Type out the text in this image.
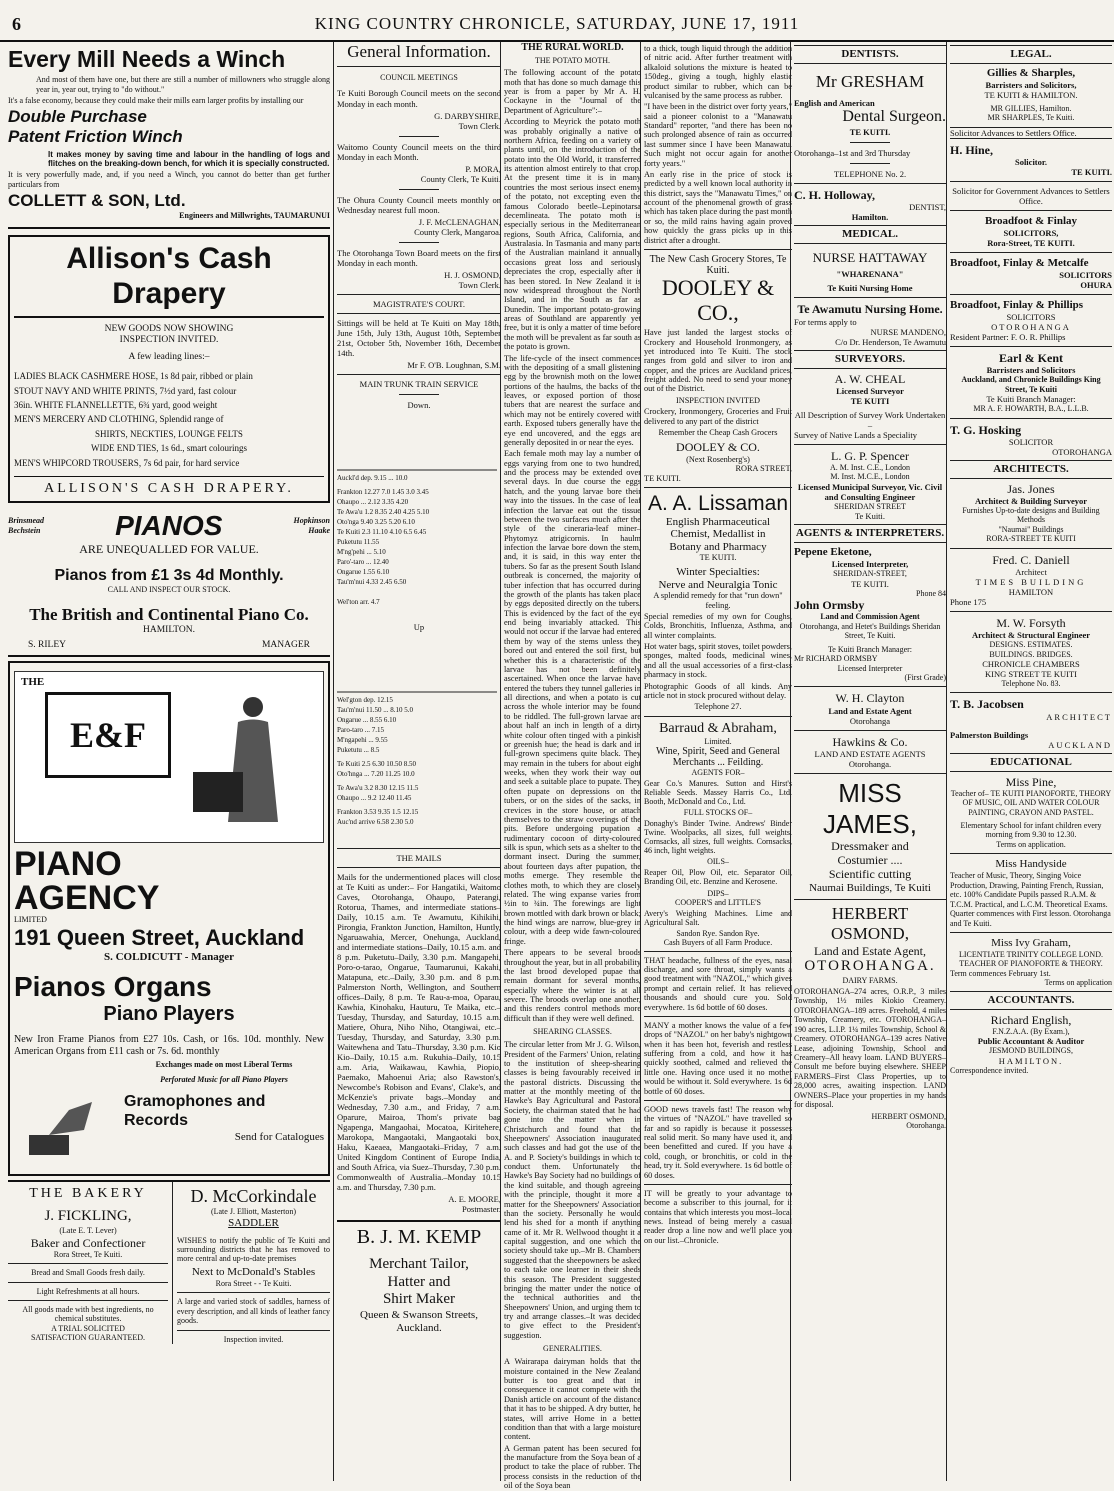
6	KING COUNTRY CHRONICLE, SATURDAY, JUNE 17, 1911
Every Mill Needs a Winch

And most of them have one, but there are still a number of millowners who struggle along year in, year out, trying to "do without."

It's a false economy, because they could make their mills earn larger profits by installing our

Double Purchase
Patent Friction Winch

It makes money by saving time and labour in the handling of logs and flitches on the breaking-down bench, for which it is specially constructed.

It is very powerfully made, and, if you need a Winch, you cannot do better than get further particulars from

COLLETT & SON, Ltd.
Engineers and Millwrights, TAUMARUNUI
Allison's Cash Drapery
NEW GOODS NOW SHOWING
INSPECTION INVITED.
A few leading lines:–
LADIES BLACK CASHMERE HOSE, 1s 8d pair, ribbed or plain
STOUT NAVY AND WHITE PRINTS, 7½d yard, fast colour
36in. WHITE FLANNELLETTE, 6¾ yard, good weight
MEN'S MERCERY AND CLOTHING, Splendid range of
SHIRTS, NECKTIES, LOUNGE FELTS
WIDE END TIES, 1s 6d., smart colourings
MEN'S WHIPCORD TROUSERS, 7s 6d pair, for hard service
ALLISON'S CASH DRAPERY.
Brinsmead
Bechstein	PIANOS	Hopkinson
Haake
ARE UNEQUALLED FOR VALUE.
Pianos from £1 3s 4d Monthly.
CALL AND INSPECT OUR STOCK.
The British and Continental Piano Co.
HAMILTON.
S. RILEY	MANAGER
THE
E&F
PIANO
AGENCY
LIMITED
191 Queen Street, Auckland
S. COLDICUTT - Manager
Pianos Organs
Piano Players

New Iron Frame Pianos from £27 10s. Cash, or 16s. 10d. monthly. New American Organs from £11 cash or 7s. 6d. monthly

Exchanges made on most Liberal Terms
Perforated Music for all Piano Players
Gramophones and Records
Send for Catalogues
THE BAKERY
J. FICKLING,
(Late E. T. Lever)
Baker and Confectioner
Rora Street, Te Kuiti.
Bread and Small Goods fresh daily.
Light Refreshments at all hours.
All goods made with best ingredients, no chemical substitutes.
A TRIAL SOLICITED
SATISFACTION GUARANTEED.
D. McCorkindale
(Late J. Elliott, Masterton)
SADDLER

WISHES to notify the public of Te Kuiti and surrounding districts that he has removed to more central and up-to-date premises

Next to McDonald's Stables
Rora Street - - Te Kuiti.

A large and varied stock of saddles, harness of every description, and all kinds of leather fancy goods.

Inspection invited.
General Information.
COUNCIL MEETINGS

Te Kuiti Borough Council meets on the second Monday in each month.

G. DARBYSHIRE,
Town Clerk.

Waitomo County Council meets on the third Monday in each Month.

P. MORA,
County Clerk, Te Kuiti.

The Ohura County Council meets monthly on Wednesday nearest full moon.

J. F. McCLENAGHAN,
County Clerk, Mangaroa.

The Otorohanga Town Board meets on the first Monday in each month.

H. J. OSMOND,
Town Clerk.
MAGISTRATE'S COURT.

Sittings will be held at Te Kuiti on May 18th, June 15th, July 13th, August 10th, September 21st, October 5th, November 16th, December 14th.

Mr F. O'B. Loughnan, S.M.
MAIN TRUNK TRAIN SERVICE
Down.
Auckl'd dep. 9.15 ... 10.0
Frankton 12.27 7.0 1.45 3.0 3.45
Ohaupo ... 2.12 3.35 4.20
Te Awa'u 1.2 8.35 2.40 4.25 5.10
Oto'nga 9.40 3.25 5.20 6.10
Te Kuiti 2.3 11.10 4.10 6.5 6.45
Puketutu 11.55
M'ng'pehi ... 5.10
Paro'-taro ... 12.40
Ongarue 1.55 6.10
Tau'm'nui 4.33 2.45 6.50
Wel'ton arr. 4.7
Up
Wel'gton dep. 12.15
Tau'm'nui 11.50 ... 8.10 5.0
Ongarue ... 8.55 6.10
Paro-taro ... 7.15
M'ngapehi ... 9.55
Puketutu ... 8.5
Te Kuiti 2.5 6.30 10.50 8.50
Oto'hnga ... 7.20 11.25 10.0
Te Awa'u 3.2 8.30 12.15 11.5
Ohaupo ... 9.2 12.40 11.45
Frankton 3.53 9.35 1.5 12.15
Auc'nd arrive 6.58 2.30 5.0
THE MAILS

Mails for the undermentioned places will close at Te Kuiti as under:– For Hangatiki, Waitomo Caves, Otorohanga, Ohaupo, Paterangi, Rotorua, Thames, and intermediate stations–Daily, 10.15 a.m. Te Awamutu, Kihikihi, Pirongia, Frankton Junction, Hamilton, Huntly, Ngaruawahia, Mercer, Onehunga, Auckland, and intermediate stations–Daily, 10.15 a.m. and 8 p.m. Puketutu–Daily, 3.30 p.m. Mangapehi, Poro-o-tarao, Ongarue, Taumarunui, Kakahi, Matapuna, etc.–Daily, 3.30 p.m. and 8 p.m. Palmerston North, Wellington, and Southern offices–Daily, 8 p.m. Te Rau-a-moa, Oparau, Kawhia, Kinohaku, Hauturu, Te Maika, etc.–Tuesday, Thursday, and Saturday, 10.15 a.m. Matiere, Ohura, Niho Niho, Otangiwai, etc.–Tuesday, Thursday, and Saturday, 3.30 p.m. Waitewhena and Tatu–Thursday, 3.30 p.m. Kio Kio–Daily, 10.15 a.m. Rukuhia–Daily, 10.15 a.m. Aria, Waikawau, Kawhia, Piopio, Paemako, Mahoenui Aria; also Rawston's, Newcombe's Robison and Evans', Clake's, and McKenzie's private bags.–Monday and Wednesday, 7.30 a.m., and Friday, 7 a.m. Oparure, Mairoa, Thom's private bag Ngapenga, Mangaohai, Mocatoa, Kiritehere, Marokopa, Mangaotaki, Mangaotaki box, Haku, Kaeaea, Mangaotaki–Friday, 7 a.m. United Kingdom Continent of Europe India, and South Africa, via Suez–Thursday, 7.30 p.m. Commonwealth of Australia.–Monday 10.15 a.m. and Thursday, 7.30 p.m.

A. E. MOORE,
Postmaster.
B. J. M. KEMP
Merchant Tailor,
Hatter and
Shirt Maker
Queen & Swanson Streets,
Auckland.
THE RURAL WORLD.
THE POTATO MOTH.

The following account of the potato moth that has done so much damage this year is from a paper by Mr A. H. Cockayne in the "Journal of the Department of Agriculture":–

According to Meyrick the potato moth was probably originally a native of northern Africa, feeding on a variety of plants until, on the introduction of the potato into the Old World, it transferred its attention almost entirely to that crop. At the present time it is in many countries the most serious insect enemy of the potato, not excepting even the famous Colorado beetle–Lepinotarsa decemlineata. The potato moth is especially serious in the Mediterranean regions, South Africa, California, and Australasia. In Tasmania and many parts of the Australian mainland it annually occasions great loss and seriously depreciates the crop, especially after it has been stored. In New Zealand it is now widespread throughout the North Island, and in the South as far as Dunedin. The important potato-growing areas of Southland are apparently yet free, but it is only a matter of time before the moth will be prevalent as far south as the potato is grown.

The life-cycle of the insect commences with the depositing of a small glistening egg by the brownish moth on the lower portions of the haulms, the backs of the leaves, or exposed portion of those tubers that are nearest the surface and which may not be entirely covered with earth. Exposed tubers generally have the eye end uncovered, and the eggs are generally deposited in or near the eyes.

Each female moth may lay a number of eggs varying from one to two hundred, and the process may be extended over several days. In due course the eggs hatch, and the young larvae bore their way into the tissues. In the case of leaf infection the larvae eat out the tissue between the two surfaces much after the style of the cineraria-leaf miner–Phytomyz atrigicornis. In haulm infection the larvae bore down the stem, and, it is said, in this way enter the tubers. So far as the present South Island outbreak is concerned, the majority of tuber infection that has occurred during the growth of the plants has taken place by eggs deposited directly on the tubers. This is evidenced by the fact of the eye end being invariably attacked. This would not occur if the larvae had entered them by way of the stems unless they bored out and entered the soil first, but whether this is a characteristic of the larvae has not been definitely ascertained. When once the larvae have entered the tubers they tunnel galleries in all directions, and when a potato is cut across the whole interior may be found to be riddled. The full-grown larvae are about half an inch in length of a dirty white colour often tinged with a pinkish or greenish hue; the head is dark and in full-grown specimens quite black. They may remain in the tubers for about eight weeks, when they work their way out and seek a suitable place to pupate. They often pupate on depressions on the tubers, or on the sides of the sacks, in crevices in the store house, or attach themselves to the straw coverings of the pits. Before undergoing pupation a rudimentary cocoon of dirty-coloured silk is spun, which sets as a shelter to the dormant insect. During the summer, about fourteen days after pupation, the moths emerge. They resemble the clothes moth, to which they are closely related. The wing expanse varies from ½in to ¾in. The forewings are light brown mottled with dark brown or black; the hind wings are narrow, blue-grey in colour, with a deep wide fawn-coloured fringe.

There appears to be several broods throughout the year, but in all probability the last brood developed pupae that remain dormant for several months, especially where the winter is at all severe. The broods overlap one another, and this renders control methods more difficult than if they were well defined.

SHEARING CLASSES.

The circular letter from Mr J. G. Wilson, President of the Farmers' Union, relating to the institution of sheep-shearing classes is being favourably received in the pastoral districts. Discussing the matter at the monthly meeting of the Hawke's Bay Agricultural and Pastoral Society, the chairman stated that he had gone into the matter when in Christchurch and found that the Sheepowners' Association inaugurated such classes and had got the use of the A. and P. Society's buildings in which to conduct them. Unfortunately the Hawke's Bay Society had no buildings of the kind suitable, and though agreeing with the principle, thought it more a matter for the Sheepowners' Association than the society. Personally he would lend his shed for a month if anything came of it. Mr R. Wellwood thought it a capital suggestion, and one which the society should take up.–Mr B. Chambers suggested that the sheepowners be asked to each take one learner in their sheds this season. The President suggested bringing the matter under the notice of the technical authorities and the Sheepowners' Union, and urging them to try and arrange classes.–It was decided to give effect to the President's suggestion.

GENERALITIES.

A Wairarapa dairyman holds that the moisture contained in the New Zealand butter is too great and that in consequence it cannot compete with the Danish article on account of the distance that it has to be shipped. A dry butter, he states, will arrive Home in a better condition than that with a large moisture content.

A German patent has been secured for the manufacture from the Soya bean of a product to take the place of rubber. The process consists in the reduction of the oil of the Soya bean

to a thick, tough liquid through the addition of nitric acid. After further treatment with alkaloid solutions the mixture is heated to 150deg., giving a tough, highly elastic product similar to rubber, which can be vulcanised by the same process as rubber.

"I have been in the district over forty years," said a pioneer colonist to a "Manawatu Standard" reporter, "and there has been no such prolonged absence of rain as occurred last summer since I have been Manawatu. Such might not occur again for another forty years."

An early rise in the price of stock is predicted by a well known local authority in this district, says the "Manawatu Times," on account of the phenomenal growth of grass which has taken place during the past month or so, the mild rains having again proved how quickly the grass picks up in this district after a drought.

The New Cash Grocery Stores, Te Kuiti.
DOOLEY & CO.,

Have just landed the largest stocks of Crockery and Household Ironmongery, as yet introduced into Te Kuiti. The stock ranges from gold and silver to iron and copper, and the prices are Auckland prices, freight added. No need to send your money out of the District.

INSPECTION INVITED

Crockery, Ironmongery, Groceries and Fruit delivered to any part of the district

Remember the Cheap Cash Grocers
DOOLEY & CO.
(Next Rosenberg's)
RORA STREET,
TE KUITI.
A. A. Lissaman
English Pharmaceutical
Chemist, Medallist in
Botany and Pharmacy
TE KUITI.
Winter Specialties:
Nerve and Neuralgia Tonic
A splendid remedy for that "run down" feeling.

Special remedies of my own for Coughs, Colds, Bronchitis, Influenza, Asthma, and all winter complaints.

Hot water bags, spirit stoves, toilet powders, sponges, malted foods, medicinal wines, and all the usual accessories of a first-class pharmacy in stock.

Photographic Goods of all kinds. Any article not in stock procured without delay.

Telephone 27.
Barraud & Abraham,
Limited.
Wine, Spirit, Seed and General Merchants ... Feilding.
AGENTS FOR–

Gear Co.'s Manures. Sutton and Hirst's Reliable Seeds. Massey Harris Co., Ltd. Booth, McDonald and Co., Ltd.

FULL STOCKS OF–

Donaghy's Binder Twine. Andrews' Binder Twine. Woolpacks, all sizes, full weights. Cornsacks, all sizes, full weights. Cornsacks, 46 inch, light weights.

OILS–

Reaper Oil, Plow Oil, etc. Separator Oil, Branding Oil, etc. Benzine and Kerosene.

DIPS–
COOPER'S and LITTLE'S

Avery's Weighing Machines. Lime and Agricultural Salt.

Sandon Rye. Sandon Rye.
Cash Buyers of all Farm Produce.

THAT headache, fullness of the eyes, nasal discharge, and sore throat, simply wants a good treatment with "NAZOL," which gives prompt and certain relief. It has relieved thousands and should cure you. Sold everywhere. 1s 6d bottle of 60 doses.

MANY a mother knows the value of a few drops of "NAZOL" on her baby's nightgown when it has been hot, feverish and restless suffering from a cold, and how it has quickly soothed, calmed and relieved the little one. Having once used it no mother would be without it. Sold everywhere. 1s 6d bottle of 60 doses.

GOOD news travels fast! The reason why the virtues of "NAZOL" have travelled so far and so rapidly is because it possesses real solid merit. So many have used it, and been benefitted and cured. If you have a cold, cough, or bronchitis, or cold in the head, try it. Sold everywhere. 1s 6d bottle of 60 doses.

IT will be greatly to your advantage to become a subscriber to this journal, for it contains that which interests you most–local news. Instead of being merely a casual reader drop a line now and we'll place you on our list.–Chronicle.

DENTISTS.
Mr GRESHAM
English and American
Dental Surgeon.
TE KUITI.
Otorohanga–1st and 3rd Thursday
TELEPHONE No. 2.
C. H. Holloway,
DENTIST,
Hamilton.
MEDICAL.
NURSE HATTAWAY
"WHARENANA"
Te Kuiti Nursing Home
Te Awamutu Nursing Home.
For terms apply to
NURSE MANDENO,
C/o Dr. Henderson, Te Awamutu
SURVEYORS.
A. W. CHEAL
Licensed Surveyor
TE KUITI
All Description of Survey Work Undertaken –
Survey of Native Lands a Speciality
L. G. P. Spencer
A. M. Inst. C.E., London
M. Inst. M.C.E., London
Licensed Municipal Surveyor, Vic. Civil and Consulting Engineer
SHERIDAN STREET
Te Kuiti.
AGENTS & INTERPRETERS.
Pepene Eketone,
Licensed Interpreter,
SHERIDAN-STREET,
TE KUITI.
Phone 84
John Ormsby
Land and Commission Agent
Otorohanga, and Hetet's Buildings Sheridan Street, Te Kuiti.
Te Kuiti Branch Manager:
Mr RICHARD ORMSBY
Licensed Interpreter
(First Grade)
W. H. Clayton
Land and Estate Agent
Otorohanga
Hawkins & Co.
LAND AND ESTATE AGENTS
Otorohanga.
MISS JAMES,
Dressmaker and
Costumier ....
Scientific cutting
Naumai Buildings, Te Kuiti
HERBERT OSMOND,
Land and Estate Agent,
OTOROHANGA.
DAIRY FARMS.

OTOROHANGA–274 acres, O.R.P., 3 miles Township, 1½ miles Kiokio Creamery. OTOROHANGA–189 acres. Freehold, 4 miles Township, Creamery, etc. OTOROHANGA–190 acres, L.I.P. 1¼ miles Township, School & Creamery. OTOROHANGA–139 acres Native Lease, adjoining Township, School and Creamery–All heavy loam. LAND BUYERS–Consult me before buying elsewhere. SHEEP FARMERS–First Class Properties, up to 28,000 acres, awaiting inspection. LAND OWNERS–Place your properties in my hands for disposal.

HERBERT OSMOND,
Otorohanga.
LEGAL.
Gillies & Sharples,
Barristers and Solicitors,
TE KUITI & HAMILTON.
MR GILLIES, Hamilton.
MR SHARPLES, Te Kuiti.
Solicitor Advances to Settlers Office.
H. Hine,
Solicitor.
TE KUITI.
Solicitor for Government Advances to Settlers Office.
Broadfoot & Finlay
SOLICITORS,
Rora-Street, TE KUITI.
Broadfoot, Finlay & Metcalfe
SOLICITORS
OHURA
Broadfoot, Finlay & Phillips
SOLICITORS
OTOROHANGA
Resident Partner: F. O. R. Phillips
Earl & Kent
Barristers and Solicitors
Auckland, and Chronicle Buildings King Street, Te Kuiti
Te Kuiti Branch Manager:
MR A. F. HOWARTH, B.A., L.L.B.
T. G. Hosking
SOLICITOR
OTOROHANGA
ARCHITECTS.
Jas. Jones
Architect & Building Surveyor
Furnishes Up-to-date designs and Building Methods
"Naumai" Buildings
RORA-STREET TE KUITI
Fred. C. Daniell
Architect
TIMES BUILDING
HAMILTON
Phone 175
M. W. Forsyth
Architect & Structural Engineer
DESIGNS. ESTIMATES.
BUILDINGS. BRIDGES.
CHRONICLE CHAMBERS
KING STREET TE KUITI
Telephone No. 83.
T. B. Jacobsen
ARCHITECT
Palmerston Buildings
AUCKLAND
EDUCATIONAL
Miss Pine,
Teacher of– TE KUITI PIANOFORTE, THEORY OF MUSIC, OIL AND WATER COLOUR PAINTING, CRAYON AND PASTEL.
Elementary School for infant children every morning from 9.30 to 12.30.
Terms on application.
Miss Handyside
Teacher of Music, Theory, Singing Voice Production, Drawing, Painting French, Russian, etc. 100% Candidate Pupils passed R.A.M. & T.C.M. Practical, and L.C.M. Theoretical Exams. Quarter commences with First lesson. Otorohanga and Te Kuiti.
Miss Ivy Graham,
LICENTIATE TRINITY COLLEGE LOND.
TEACHER OF PIANOFORTE & THEORY.
Term commences February 1st.
Terms on application
ACCOUNTANTS.
Richard English,
F.N.Z.A.A. (By Exam.),
Public Accountant & Auditor
JESMOND BUILDINGS,
HAMILTON.
Correspondence invited.
